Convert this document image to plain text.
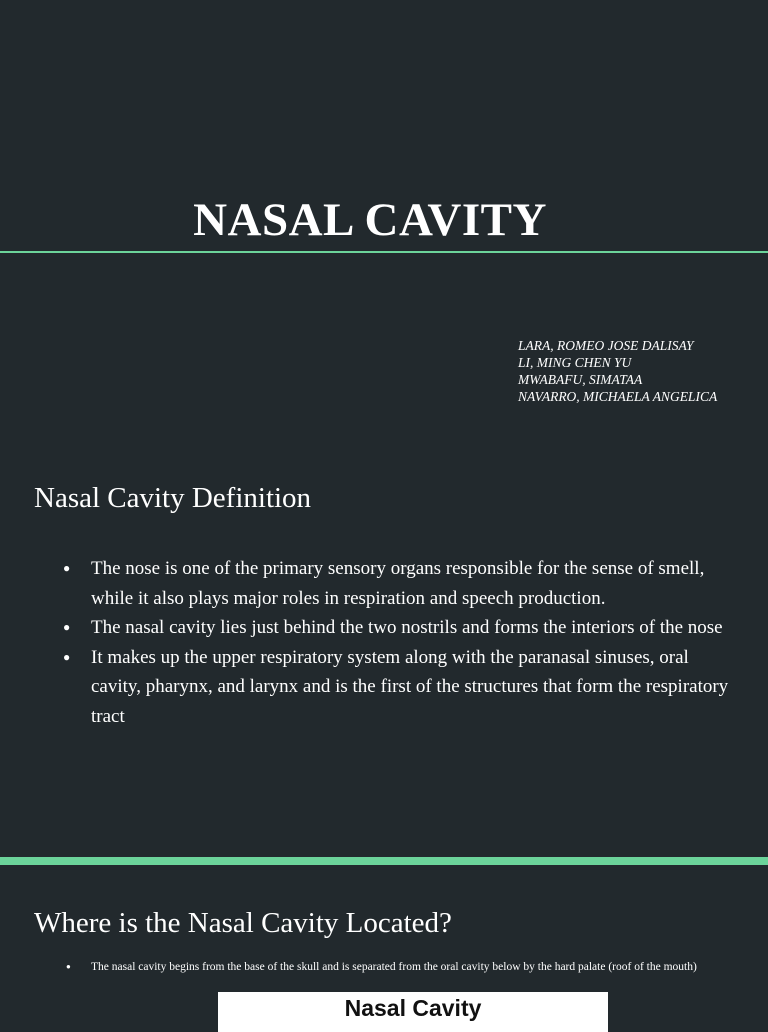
NASAL CAVITY
LARA, ROMEO JOSE DALISAY
LI, MING CHEN YU
MWABAFU, SIMATAA
NAVARRO, MICHAELA ANGELICA
Nasal Cavity Definition
● The nose is one of the primary sensory organs responsible for the sense of smell, while it also plays major roles in respiration and speech production.
● The nasal cavity lies just behind the two nostrils and forms the interiors of the nose
● It makes up the upper respiratory system along with the paranasal sinuses, oral cavity, pharynx, and larynx and is the first of the structures that form the respiratory tract
Where is the Nasal Cavity Located?
● The nasal cavity begins from the base of the skull and is separated from the oral cavity below by the hard palate (roof of the mouth)
Nasal Cavity
